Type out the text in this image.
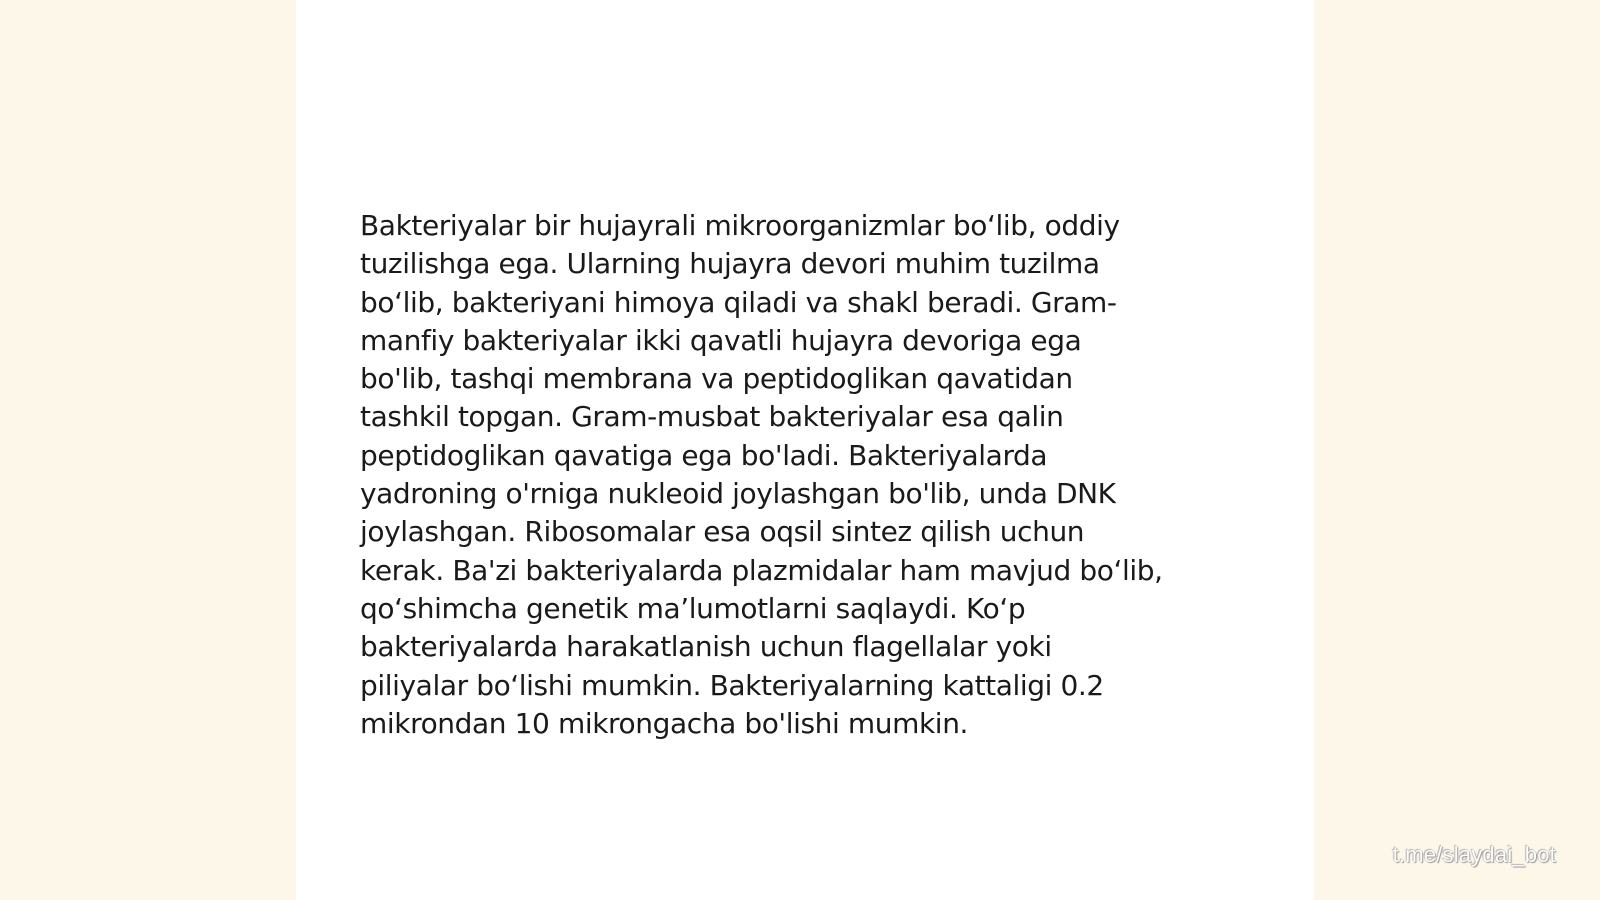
Bakteriyalar bir hujayrali mikroorganizmlar bo‘lib, oddiy
tuzilishga ega. Ularning hujayra devori muhim tuzilma
bo‘lib, bakteriyani himoya qiladi va shakl beradi. Gram-
manfiy bakteriyalar ikki qavatli hujayra devoriga ega
bo'lib, tashqi membrana va peptidoglikan qavatidan
tashkil topgan. Gram-musbat bakteriyalar esa qalin
peptidoglikan qavatiga ega bo'ladi. Bakteriyalarda
yadroning o'rniga nukleoid joylashgan bo'lib, unda DNK
joylashgan. Ribosomalar esa oqsil sintez qilish uchun
kerak. Ba'zi bakteriyalarda plazmidalar ham mavjud bo‘lib,
qo‘shimcha genetik ma’lumotlarni saqlaydi. Ko‘p
bakteriyalarda harakatlanish uchun flagellalar yoki
piliyalar bo‘lishi mumkin. Bakteriyalarning kattaligi 0.2
mikrondan 10 mikrongacha bo'lishi mumkin.

t.me/slaydai_bot
